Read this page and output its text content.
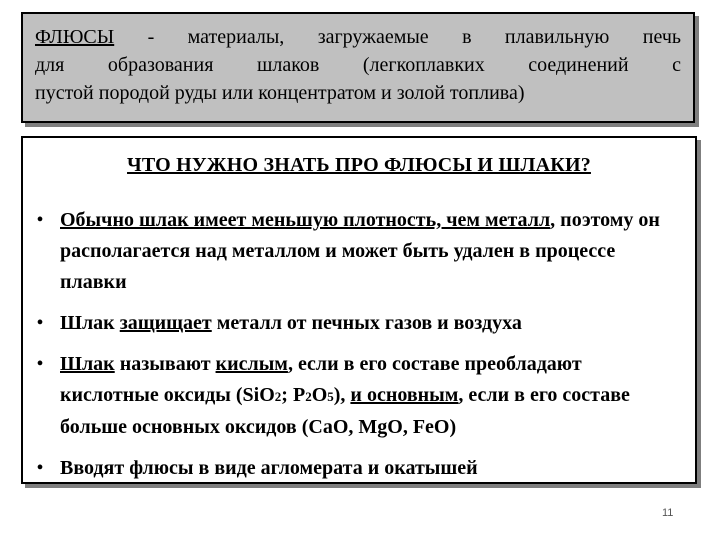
ФЛЮСЫ - материалы, загружаемые в плавильную печь
для образования шлаков (легкоплавких соединений с
пустой породой руды или концентратом и золой топлива)
ЧТО НУЖНО ЗНАТЬ ПРО ФЛЮСЫ И ШЛАКИ?
• Обычно шлак имеет меньшую плотность, чем металл, поэтому он располагается над металлом и может быть удален в процессе плавки
• Шлак защищает металл от печных газов и воздуха
• Шлак называют кислым, если в его составе преобладают кислотные оксиды (SiO2; P2O5), и основным, если в его составе больше основных оксидов (CaO, MgO, FeO)
• Вводят флюсы в виде агломерата и окатышей
11
